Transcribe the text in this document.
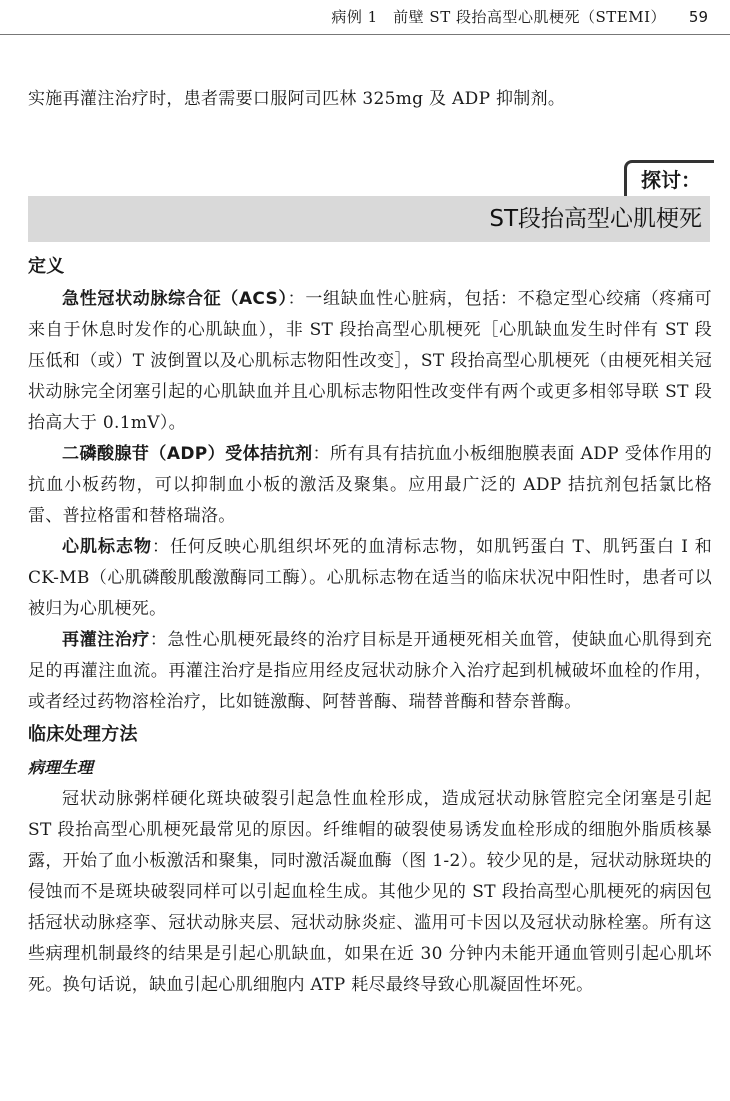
病例 1　前壁 ST 段抬高型心肌梗死（STEMI） 59

实施再灌注治疗时，患者需要口服阿司匹林 325mg 及 ADP 抑制剂。

探讨：
ST段抬高型心肌梗死

定义

急性冠状动脉综合征（ACS）：一组缺血性心脏病，包括：不稳定型心绞痛（疼痛可来自于休息时发作的心肌缺血），非 ST 段抬高型心肌梗死［心肌缺血发生时伴有 ST 段压低和（或）T 波倒置以及心肌标志物阳性改变］，ST 段抬高型心肌梗死（由梗死相关冠状动脉完全闭塞引起的心肌缺血并且心肌标志物阳性改变伴有两个或更多相邻导联 ST 段抬高大于 0.1mV）。

二磷酸腺苷（ADP）受体拮抗剂：所有具有拮抗血小板细胞膜表面 ADP 受体作用的抗血小板药物，可以抑制血小板的激活及聚集。应用最广泛的 ADP 拮抗剂包括氯比格雷、普拉格雷和替格瑞洛。

心肌标志物：任何反映心肌组织坏死的血清标志物，如肌钙蛋白 T、肌钙蛋白 I 和 CK-MB（心肌磷酸肌酸激酶同工酶）。心肌标志物在适当的临床状况中阳性时，患者可以被归为心肌梗死。

再灌注治疗：急性心肌梗死最终的治疗目标是开通梗死相关血管，使缺血心肌得到充足的再灌注血流。再灌注治疗是指应用经皮冠状动脉介入治疗起到机械破坏血栓的作用，或者经过药物溶栓治疗，比如链激酶、阿替普酶、瑞替普酶和替奈普酶。

临床处理方法

病理生理

冠状动脉粥样硬化斑块破裂引起急性血栓形成，造成冠状动脉管腔完全闭塞是引起 ST 段抬高型心肌梗死最常见的原因。纤维帽的破裂使易诱发血栓形成的细胞外脂质核暴露，开始了血小板激活和聚集，同时激活凝血酶（图 1-2）。较少见的是，冠状动脉斑块的侵蚀而不是斑块破裂同样可以引起血栓生成。其他少见的 ST 段抬高型心肌梗死的病因包括冠状动脉痉挛、冠状动脉夹层、冠状动脉炎症、滥用可卡因以及冠状动脉栓塞。所有这些病理机制最终的结果是引起心肌缺血，如果在近 30 分钟内未能开通血管则引起心肌坏死。换句话说，缺血引起心肌细胞内 ATP 耗尽最终导致心肌凝固性坏死。
